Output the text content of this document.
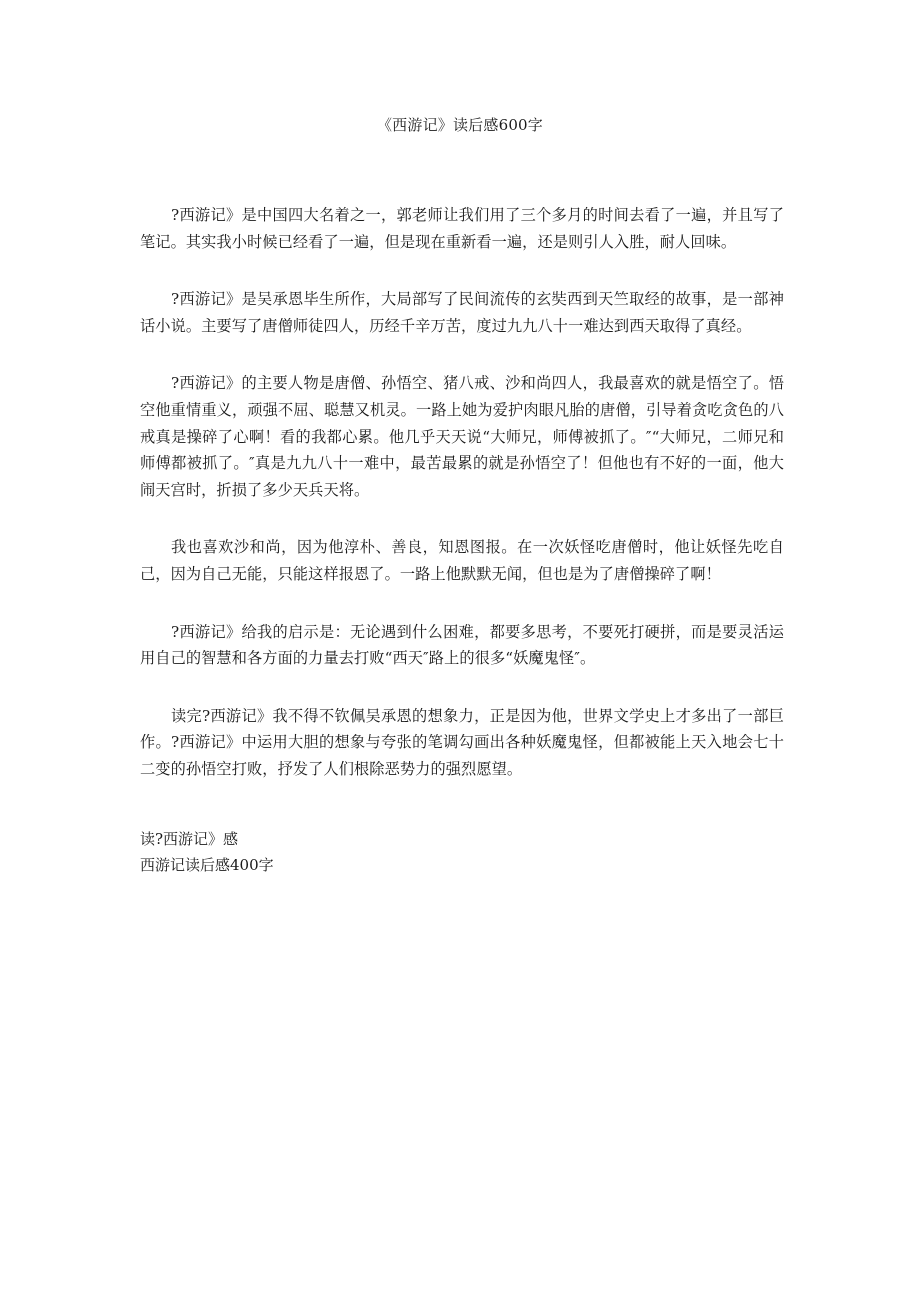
《西游记》读后感600字

?西游记》是中国四大名着之一，郭老师让我们用了三个多月的时间去看了一遍，并且写了笔记。其实我小时候已经看了一遍，但是现在重新看一遍，还是则引人入胜，耐人回味。

?西游记》是吴承恩毕生所作，大局部写了民间流传的玄奘西到天竺取经的故事，是一部神话小说。主要写了唐僧师徒四人，历经千辛万苦，度过九九八十一难达到西天取得了真经。

?西游记》的主要人物是唐僧、孙悟空、猪八戒、沙和尚四人，我最喜欢的就是悟空了。悟空他重情重义，顽强不屈、聪慧又机灵。一路上她为爱护肉眼凡胎的唐僧，引导着贪吃贪色的八戒真是操碎了心啊！看的我都心累。他几乎天天说“大师兄，师傅被抓了。″“大师兄，二师兄和师傅都被抓了。″真是九九八十一难中，最苦最累的就是孙悟空了！但他也有不好的一面，他大闹天宫时，折损了多少天兵天将。

我也喜欢沙和尚，因为他淳朴、善良，知恩图报。在一次妖怪吃唐僧时，他让妖怪先吃自己，因为自己无能，只能这样报恩了。一路上他默默无闻，但也是为了唐僧操碎了啊！

?西游记》给我的启示是：无论遇到什么困难，都要多思考，不要死打硬拼，而是要灵活运用自己的智慧和各方面的力量去打败“西天″路上的很多“妖魔鬼怪″。

读完?西游记》我不得不钦佩吴承恩的想象力，正是因为他，世界文学史上才多出了一部巨作。?西游记》中运用大胆的想象与夸张的笔调勾画出各种妖魔鬼怪，但都被能上天入地会七十二变的孙悟空打败，抒发了人们根除恶势力的强烈愿望。

读?西游记》感
西游记读后感400字
